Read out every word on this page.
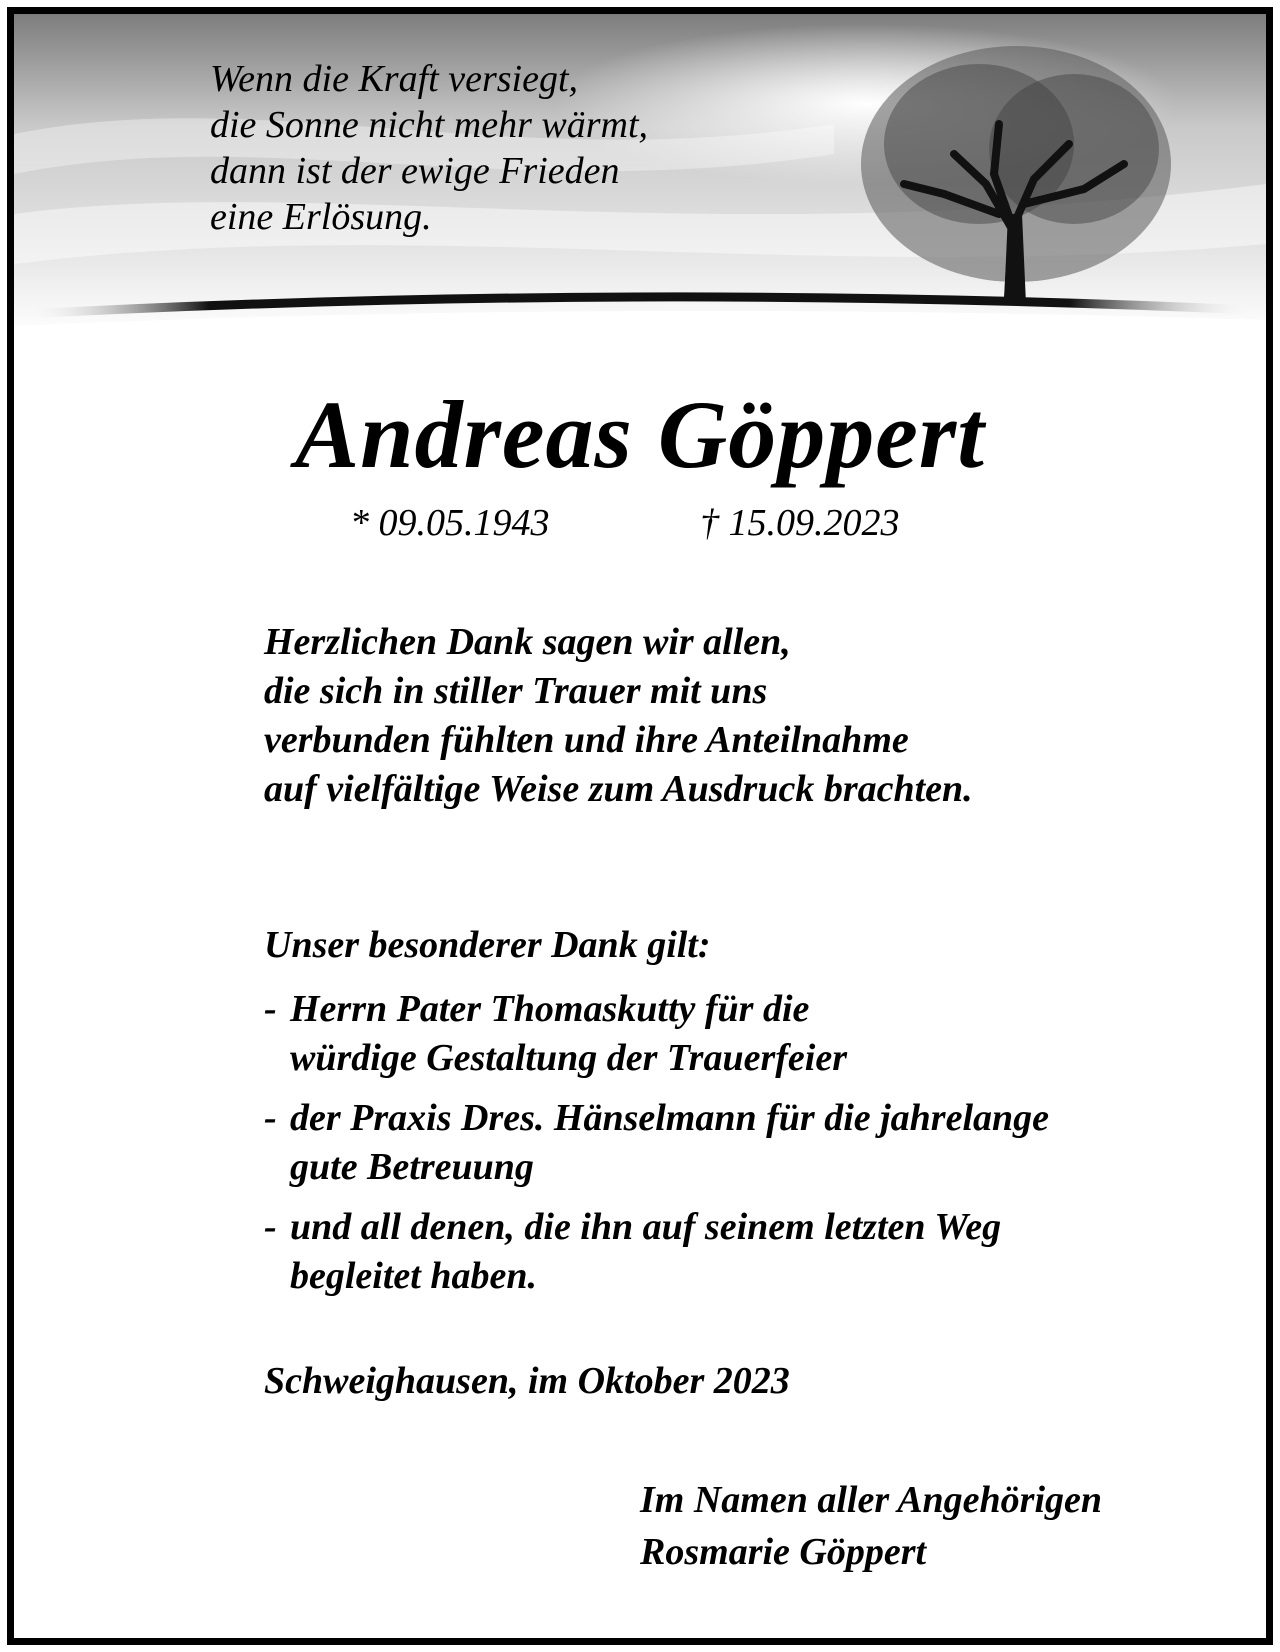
Wenn die Kraft versiegt,
die Sonne nicht mehr wärmt,
dann ist der ewige Frieden
eine Erlösung.

Andreas Göppert
* 09.05.1943	† 15.09.2023

Herzlichen Dank sagen wir allen,
die sich in stiller Trauer mit uns
verbunden fühlten und ihre Anteilnahme
auf vielfältige Weise zum Ausdruck brachten.

Unser besonderer Dank gilt:
- Herrn Pater Thomaskutty für die
würdige Gestaltung der Trauerfeier
- der Praxis Dres. Hänselmann für die jahrelange
gute Betreuung
- und all denen, die ihn auf seinem letzten Weg
begleitet haben.
Schweighausen, im Oktober 2023

Im Namen aller Angehörigen
Rosmarie Göppert
